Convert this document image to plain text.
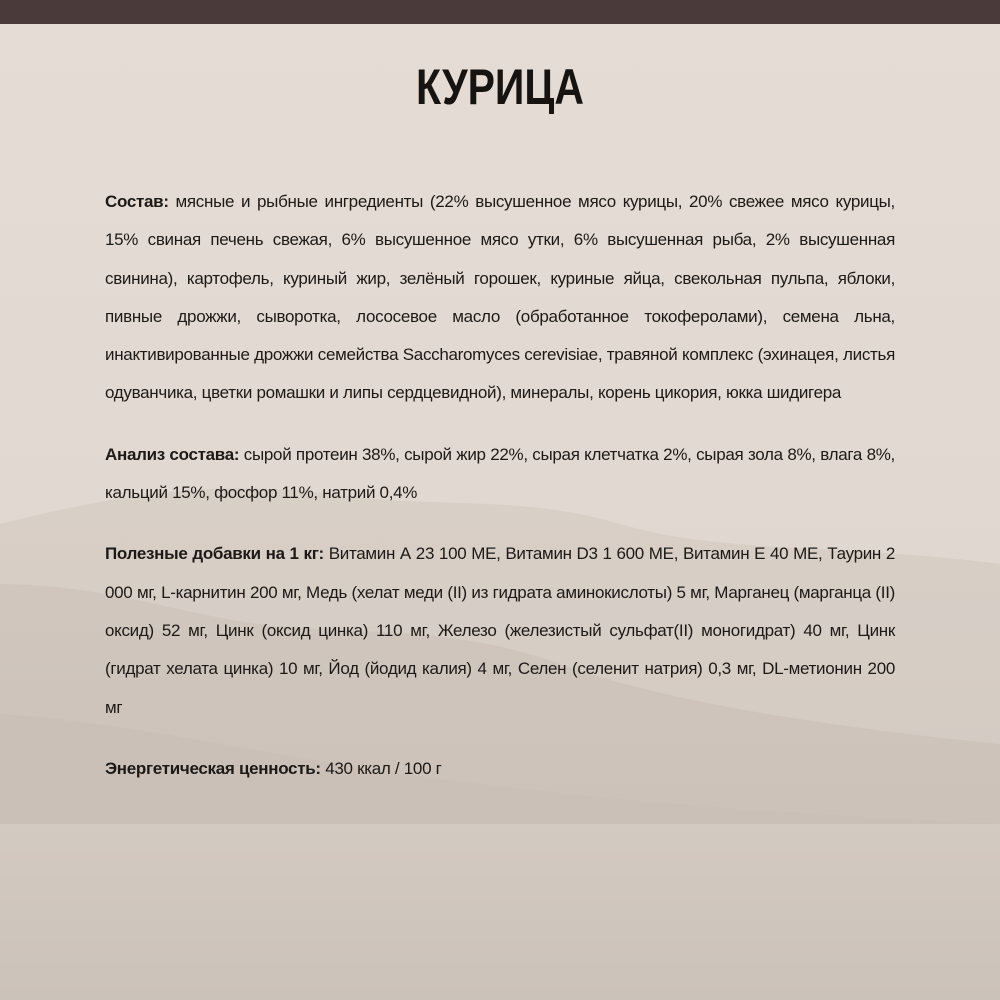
КУРИЦА

Состав: мясные и рыбные ингредиенты (22% высушенное мясо курицы, 20% свежее мясо курицы, 15% свиная печень свежая, 6% высушенное мясо утки, 6% высушенная рыба, 2% высушенная свинина), картофель, куриный жир, зелёный горошек, куриные яйца, свекольная пульпа, яблоки, пивные дрожжи, сыворотка, лососевое масло (обработанное токоферолами), семена льна, инактивированные дрожжи семейства Saccharomyces cerevisiae, травяной комплекс (эхинацея, листья одуванчика, цветки ромашки и липы сердцевидной), минералы, корень цикория, юкка шидигера

Анализ состава: сырой протеин 38%, сырой жир 22%, сырая клетчатка 2%, сырая зола 8%, влага 8%, кальций 15%, фосфор 11%, натрий 0,4%

Полезные добавки на 1 кг: Витамин А 23 100 МЕ, Витамин D3 1 600 МЕ, Витамин Е 40 МЕ, Таурин 2 000 мг, L-карнитин 200 мг, Медь (хелат меди (II) из гидрата аминокислоты) 5 мг, Марганец (марганца (II) оксид) 52 мг, Цинк (оксид цинка) 110 мг, Железо (железистый сульфат(II) моногидрат) 40 мг, Цинк (гидрат хелата цинка) 10 мг, Йод (йодид калия) 4 мг, Селен (селенит натрия) 0,3 мг, DL-метионин 200 мг

Энергетическая ценность: 430 ккал / 100 г
